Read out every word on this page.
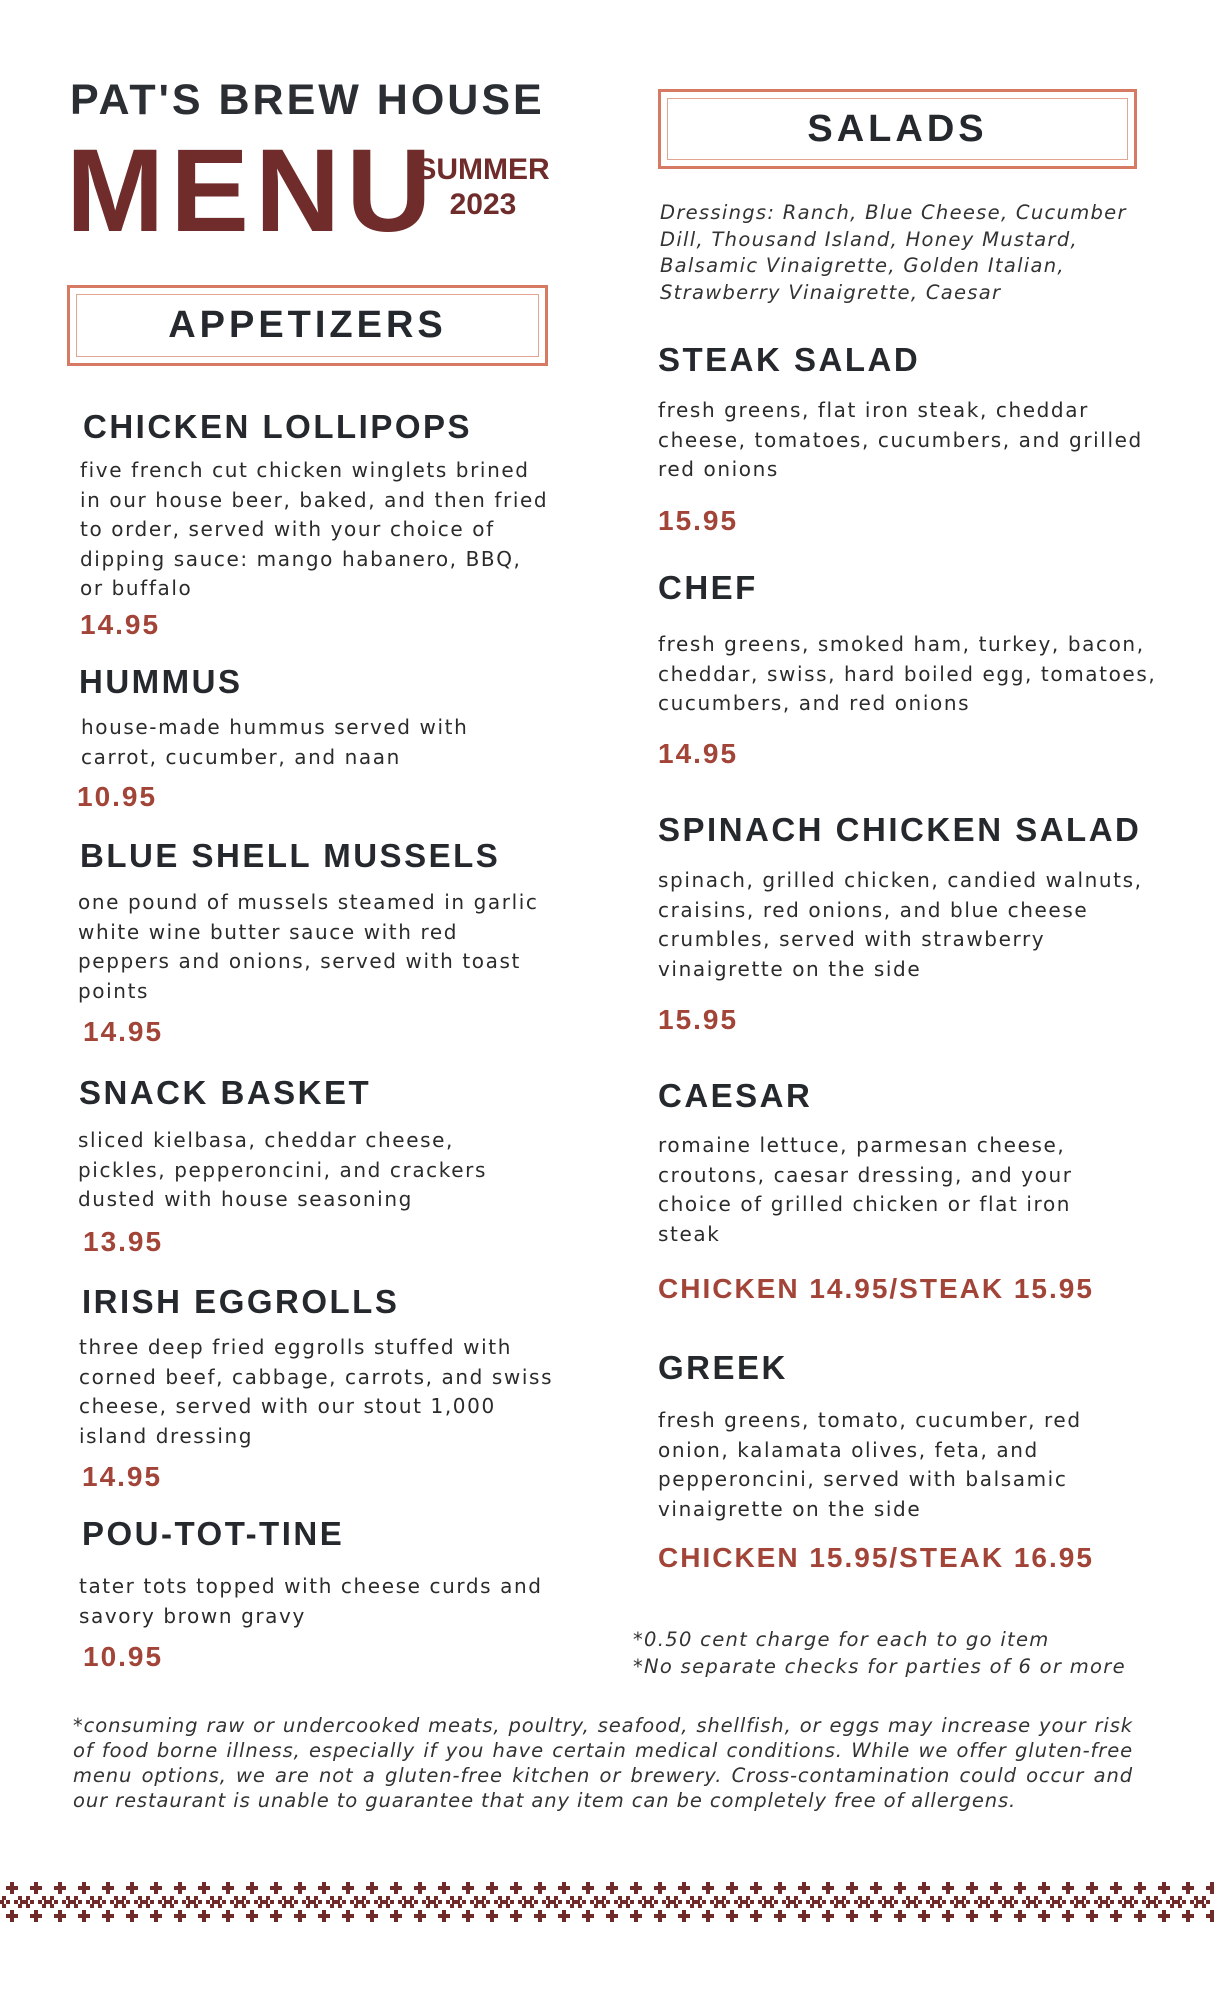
PAT'S BREW HOUSE
MENU
SUMMER
2023
APPETIZERS
SALADS
CHICKEN LOLLIPOPS
five french cut chicken winglets brined in our house beer, baked, and then fried to order, served with your choice of dipping sauce: mango habanero, BBQ, or buffalo
14.95
HUMMUS
house-made hummus served with carrot, cucumber, and naan
10.95
BLUE SHELL MUSSELS
one pound of mussels steamed in garlic white wine butter sauce with red peppers and onions, served with toast points
14.95
SNACK BASKET
sliced kielbasa, cheddar cheese, pickles, pepperoncini, and crackers dusted with house seasoning
13.95
IRISH EGGROLLS
three deep fried eggrolls stuffed with corned beef, cabbage, carrots, and swiss cheese, served with our stout 1,000 island dressing
14.95
POU-TOT-TINE
tater tots topped with cheese curds and savory brown gravy
10.95
Dressings: Ranch, Blue Cheese, Cucumber Dill, Thousand Island, Honey Mustard, Balsamic Vinaigrette, Golden Italian, Strawberry Vinaigrette, Caesar
STEAK SALAD
fresh greens, flat iron steak, cheddar cheese, tomatoes, cucumbers, and grilled red onions
15.95
CHEF
fresh greens, smoked ham, turkey, bacon, cheddar, swiss, hard boiled egg, tomatoes, cucumbers, and red onions
14.95
SPINACH CHICKEN SALAD
spinach, grilled chicken, candied walnuts, craisins, red onions, and blue cheese crumbles, served with strawberry vinaigrette on the side
15.95
CAESAR
romaine lettuce, parmesan cheese, croutons, caesar dressing, and your choice of grilled chicken or flat iron steak
CHICKEN 14.95/STEAK 15.95
GREEK
fresh greens, tomato, cucumber, red onion, kalamata olives, feta, and pepperoncini, served with balsamic vinaigrette on the side
CHICKEN 15.95/STEAK 16.95
*0.50 cent charge for each to go item
*No separate checks for parties of 6 or more
*consuming raw or undercooked meats, poultry, seafood, shellfish, or eggs may increase your risk of food borne illness, especially if you have certain medical conditions. While we offer gluten-free menu options, we are not a gluten-free kitchen or brewery. Cross-contamination could occur and our restaurant is unable to guarantee that any item can be completely free of allergens.
